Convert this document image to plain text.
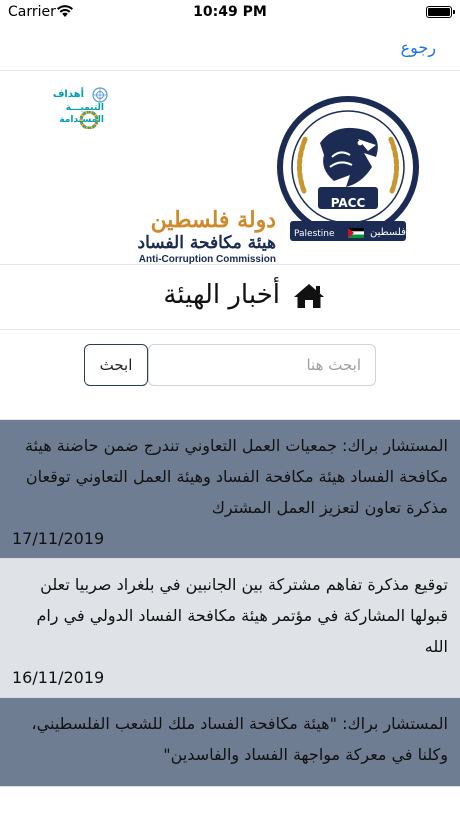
Carrier	10:49 PM
رجوع
أهداف
التنميـــة
المستدامة
دولة فلسطين
هيئة مكافحة الفساد
Anti-Corruption Commission
PACC
Palestine	فلسطين
أخبار الهيئة
ابحث هنا
ابحث
المستشار براك: جمعيات العمل التعاوني تندرج ضمن حاضنة هيئة مكافحة الفساد هيئة مكافحة الفساد وهيئة العمل التعاوني توقعان مذكرة تعاون لتعزيز العمل المشترك
17/11/2019
توقيع مذكرة تفاهم مشتركة بين الجانبين في بلغراد صربيا تعلن قبولها المشاركة في مؤتمر هيئة مكافحة الفساد الدولي في رام الله
16/11/2019
المستشار براك: "هيئة مكافحة الفساد ملك للشعب الفلسطيني، وكلنا في معركة مواجهة الفساد والفاسدين"
